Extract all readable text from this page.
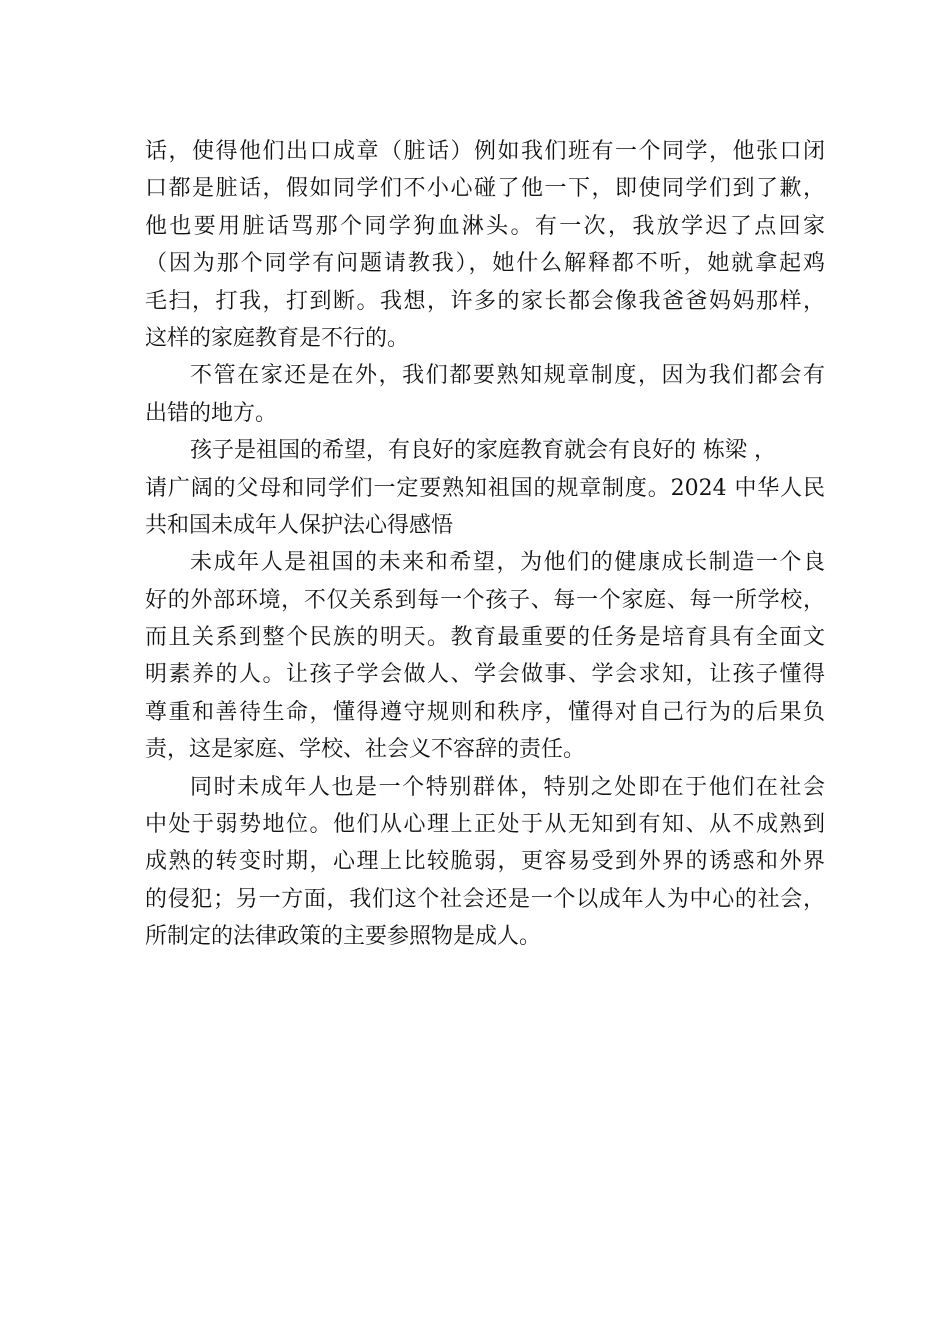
话，使得他们出口成章（脏话）例如我们班有一个同学，他张口闭
口都是脏话，假如同学们不小心碰了他一下，即使同学们到了歉，
他也要用脏话骂那个同学狗血淋头。有一次，我放学迟了点回家
（因为那个同学有问题请教我），她什么解释都不听，她就拿起鸡
毛扫，打我，打到断。我想，许多的家长都会像我爸爸妈妈那样，
这样的家庭教育是不行的。
不管在家还是在外，我们都要熟知规章制度，因为我们都会有
出错的地方。
孩子是祖国的希望，有良好的家庭教育就会有良好的 栋梁 ，
请广阔的父母和同学们一定要熟知祖国的规章制度。2024 中华人民
共和国未成年人保护法心得感悟
未成年人是祖国的未来和希望，为他们的健康成长制造一个良
好的外部环境，不仅关系到每一个孩子、每一个家庭、每一所学校，
而且关系到整个民族的明天。教育最重要的任务是培育具有全面文
明素养的人。让孩子学会做人、学会做事、学会求知，让孩子懂得
尊重和善待生命，懂得遵守规则和秩序，懂得对自己行为的后果负
责，这是家庭、学校、社会义不容辞的责任。
同时未成年人也是一个特别群体，特别之处即在于他们在社会
中处于弱势地位。他们从心理上正处于从无知到有知、从不成熟到
成熟的转变时期，心理上比较脆弱，更容易受到外界的诱惑和外界
的侵犯；另一方面，我们这个社会还是一个以成年人为中心的社会，
所制定的法律政策的主要参照物是成人。
